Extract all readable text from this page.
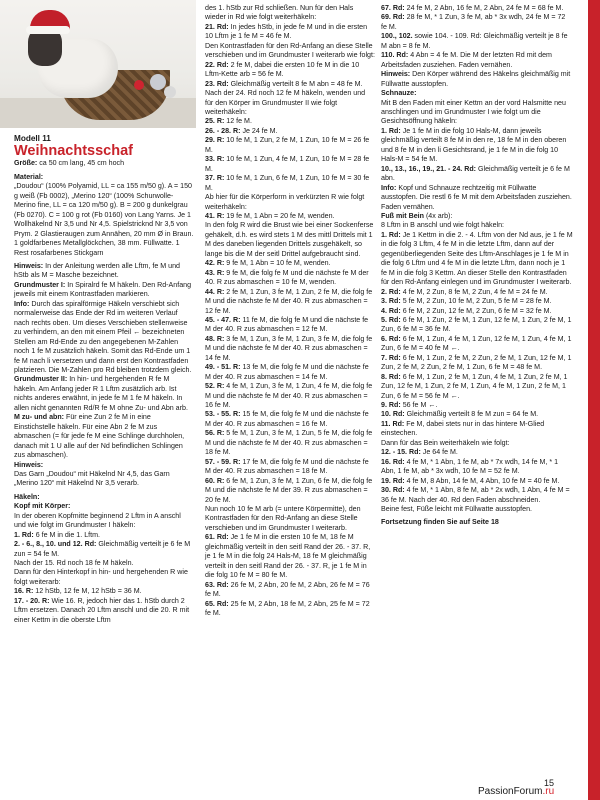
Modell 11

Weihnachtsschaf

Größe: ca 50 cm lang, 45 cm hoch

Material:

„Doudou“ (100% Polyamid, LL = ca 155 m/50 g). A = 150 g weiß (Fb 0002), „Merino 120“ (100% Schurwolle-Merino fine, LL = ca 120 m/50 g). B = 200 g dunkelgrau (Fb 0270). C = 100 g rot (Fb 0160) von Lang Yarns. Je 1 Wollhäkelnd Nr 3,5 und Nr 4,5. Spielstricknd Nr 3,5 von Prym. 2 Glastieraugen zum Annähen, 20 mm Ø in Braun. 1 goldfarbenes Metallglöckchen, 38 mm. Füllwatte. 1 Rest rosafarbenes Stickgarn

Hinweis: In der Anleitung werden alle Lftm, fe M und hStb als M = Masche bezeichnet.

Grundmuster I: In Spiralrd fe M häkeln. Den Rd-Anfang jeweils mit einem Kontrastfaden markieren.

Info: Durch das spiralförmige Häkeln verschiebt sich normalerweise das Ende der Rd im weiteren Verlauf nach rechts oben. Um dieses Verschieben stellenweise zu verhindern, an den mit einem Pfeil ← bezeichneten Stellen am Rd-Ende zu den angegebenen M-Zahlen noch 1 fe M zusätzlich häkeln. Somit das Rd-Ende um 1 fe M nach li versetzen und dann erst den Kontrastfaden platzieren. Die M-Zahlen pro Rd bleiben trotzdem gleich.

Grundmuster II: In hin- und hergehenden R fe M häkeln. Am Anfang jeder R 1 Lftm zusätzlich arb. Ist nichts anderes erwähnt, in jede fe M 1 fe M häkeln. In allen nicht genannten Rd/R fe M ohne Zu- und Abn arb.

M zu- und abn: Für eine Zun 2 fe M in eine Einstichstelle häkeln. Für eine Abn 2 fe M zus abmaschen (= für jede fe M eine Schlinge durchholen, danach mit 1 U alle auf der Nd befindlichen Schlingen zus abmaschen).

Hinweis:

Das Garn „Doudou“ mit Häkelnd Nr 4,5, das Garn „Merino 120“ mit Häkelnd Nr 3,5 verarb.

Häkeln:

Kopf mit Körper:

In der oberen Kopfmitte beginnend 2 Lftm in A anschl und wie folgt im Grundmuster I häkeln:

1. Rd: 6 fe M in die 1. Lftm.

2. - 6., 8., 10. und 12. Rd: Gleichmäßig verteilt je 6 fe M zun = 54 fe M.

Nach der 15. Rd noch 18 fe M häkeln.

Dann für den Hinterkopf in hin- und hergehenden R wie folgt weiterarb:

16. R: 12 hStb, 12 fe M, 12 hStb = 36 M.

17. - 20. R: Wie 16. R, jedoch hier das 1. hStb durch 2 Lftm ersetzen. Danach 20 Lftm anschl und die 20. R mit einer Kettm in die oberste Lftm

des 1. hStb zur Rd schließen. Nun für den Hals wieder in Rd wie folgt weiterhäkeln:

21. Rd: In jedes hStb, in jede fe M und in die ersten 10 Lftm je 1 fe M = 46 fe M.

Den Kontrastfaden für den Rd-Anfang an diese Stelle verschieben und im Grundmuster I weiterarb wie folgt:

22. Rd: 2 fe M, dabei die ersten 10 fe M in die 10 Lftm-Kette arb = 56 fe M.

23. Rd: Gleichmäßig verteilt 8 fe M abn = 48 fe M. Nach der 24. Rd noch 12 fe M häkeln, wenden und für den Körper im Grundmuster II wie folgt weiterhäkeln:

25. R: 12 fe M.

26. - 28. R: Je 24 fe M.

29. R: 10 fe M, 1 Zun, 2 fe M, 1 Zun, 10 fe M = 26 fe M.

33. R: 10 fe M, 1 Zun, 4 fe M, 1 Zun, 10 fe M = 28 fe M.

37. R: 10 fe M, 1 Zun, 6 fe M, 1 Zun, 10 fe M = 30 fe M.

Ab hier für die Körperform in verkürzten R wie folgt weiterhäkeln:

41. R: 19 fe M, 1 Abn = 20 fe M, wenden.

In den folg R wird die Brust wie bei einer Sockenferse gehäkelt, d.h. es wird stets 1 M des mittl Drittels mit 1 M des daneben liegenden Drittels zusgehäkelt, so lange bis die M der seitl Drittel aufgebraucht sind.

42. R: 9 fe M, 1 Abn = 10 fe M, wenden.

43. R: 9 fe M, die folg fe M und die nächste fe M der 40. R zus abmaschen = 10 fe M, wenden.

44. R: 2 fe M, 1 Zun, 3 fe M, 1 Zun, 2 fe M, die folg fe M und die nächste fe M der 40. R zus abmaschen = 12 fe M.

45. - 47. R: 11 fe M, die folg fe M und die nächste fe M der 40. R zus abmaschen = 12 fe M.

48. R: 3 fe M, 1 Zun, 3 fe M, 1 Zun, 3 fe M, die folg fe M und die nächste fe M der 40. R zus abmaschen = 14 fe M.

49. - 51. R: 13 fe M, die folg fe M und die nächste fe M der 40. R zus abmaschen = 14 fe M.

52. R: 4 fe M, 1 Zun, 3 fe M, 1 Zun, 4 fe M, die folg fe M und die nächste fe M der 40. R zus abmaschen = 16 fe M.

53. - 55. R: 15 fe M, die folg fe M und die nächste fe M der 40. R zus abmaschen = 16 fe M.

56. R: 5 fe M, 1 Zun, 3 fe M, 1 Zun, 5 fe M, die folg fe M und die nächste fe M der 40. R zus abmaschen = 18 fe M.

57. - 59. R: 17 fe M, die folg fe M und die nächste fe M der 40. R zus abmaschen = 18 fe M.

60. R: 6 fe M, 1 Zun, 3 fe M, 1 Zun, 6 fe M, die folg fe M und die nächste fe M der 39. R zus abmaschen = 20 fe M.

Nun noch 10 fe M arb (= untere Körpermitte), den Kontrastfaden für den Rd-Anfang an diese Stelle verschieben und im Grundmuster I weiterarb.

61. Rd: Je 1 fe M in die ersten 10 fe M, 18 fe M gleichmäßig verteilt in den seitl Rand der 26. - 37. R, je 1 fe M in die folg 24 Hals-M, 18 fe M gleichmäßig verteilt in den seitl Rand der 26. - 37. R, je 1 fe M in die folg 10 fe M = 80 fe M.

63. Rd: 26 fe M, 2 Abn, 20 fe M, 2 Abn, 26 fe M = 76 fe M.

65. Rd: 25 fe M, 2 Abn, 18 fe M, 2 Abn, 25 fe M = 72 fe M.

67. Rd: 24 fe M, 2 Abn, 16 fe M, 2 Abn, 24 fe M = 68 fe M.

69. Rd: 28 fe M, * 1 Zun, 3 fe M, ab * 3x wdh, 24 fe M = 72 fe M.

100., 102. sowie 104. - 109. Rd: Gleichmäßig verteilt je 8 fe M abn = 8 fe M.

110. Rd: 4 Abn = 4 fe M. Die M der letzten Rd mit dem Arbeitsfaden zusziehen. Faden vernähen.

Hinweis: Den Körper während des Häkelns gleichmäßig mit Füllwatte ausstopfen.

Schnauze:

Mit B den Faden mit einer Kettm an der vord Halsmitte neu anschlingen und im Grundmuster I wie folgt um die Gesichtsöffnung häkeln:

1. Rd: Je 1 fe M in die folg 10 Hals-M, dann jeweils gleichmäßig verteilt 8 fe M in den re, 18 fe M in den oberen und 8 fe M in den li Gesichtsrand, je 1 fe M in die folg 10 Hals-M = 54 fe M.

10., 13., 16., 19., 21. - 24. Rd: Gleichmäßig verteilt je 6 fe M abn.

Info: Kopf und Schnauze rechtzeitig mit Füllwatte ausstopfen. Die restl 6 fe M mit dem Arbeitsfaden zusziehen. Faden vernähen.

Fuß mit Bein (4x arb):

8 Lftm in B anschl und wie folgt häkeln:

1. Rd: Je 1 Kettm in die 2. - 4. Lftm von der Nd aus, je 1 fe M in die folg 3 Lftm, 4 fe M in die letzte Lftm, dann auf der gegenüberliegenden Seite des Lftm-Anschlages je 1 fe M in die folg 6 Lftm und 4 fe M in die letzte Lftm, dann noch je 1 fe M in die folg 3 Kettm. An dieser Stelle den Kontrastfaden für den Rd-Anfang einlegen und im Grundmuster I weiterarb.

2. Rd: 4 fe M, 2 Zun, 8 fe M, 2 Zun, 4 fe M = 24 fe M.

3. Rd: 5 fe M, 2 Zun, 10 fe M, 2 Zun, 5 fe M = 28 fe M.

4. Rd: 6 fe M, 2 Zun, 12 fe M, 2 Zun, 6 fe M = 32 fe M.

5. Rd: 6 fe M, 1 Zun, 2 fe M, 1 Zun, 12 fe M, 1 Zun, 2 fe M, 1 Zun, 6 fe M = 36 fe M.

6. Rd: 6 fe M, 1 Zun, 4 fe M, 1 Zun, 12 fe M, 1 Zun, 4 fe M, 1 Zun, 6 fe M = 40 fe M ←.

7. Rd: 6 fe M, 1 Zun, 2 fe M, 2 Zun, 2 fe M, 1 Zun, 12 fe M, 1 Zun, 2 fe M, 2 Zun, 2 fe M, 1 Zun, 6 fe M = 48 fe M.

8. Rd: 6 fe M, 1 Zun, 2 fe M, 1 Zun, 4 fe M, 1 Zun, 2 fe M, 1 Zun, 12 fe M, 1 Zun, 2 fe M, 1 Zun, 4 fe M, 1 Zun, 2 fe M, 1 Zun, 6 fe M = 56 fe M ←.

9. Rd: 56 fe M ←.

10. Rd: Gleichmäßig verteilt 8 fe M zun = 64 fe M.

11. Rd: Fe M, dabei stets nur in das hintere M-Glied einstechen.

Dann für das Bein weiterhäkeln wie folgt:

12. - 15. Rd: Je 64 fe M.

16. Rd: 4 fe M, * 1 Abn, 1 fe M, ab * 7x wdh, 14 fe M, * 1 Abn, 1 fe M, ab * 3x wdh, 10 fe M = 52 fe M.

19. Rd: 4 fe M, 8 Abn, 14 fe M, 4 Abn, 10 fe M = 40 fe M.

30. Rd: 4 fe M, * 1 Abn, 8 fe M, ab * 2x wdh, 1 Abn, 4 fe M = 36 fe M. Nach der 40. Rd den Faden abschneiden.

Beine fest, Füße leicht mit Füllwatte ausstopfen.

Fortsetzung finden Sie auf Seite 18

15
PassionForum.ru
